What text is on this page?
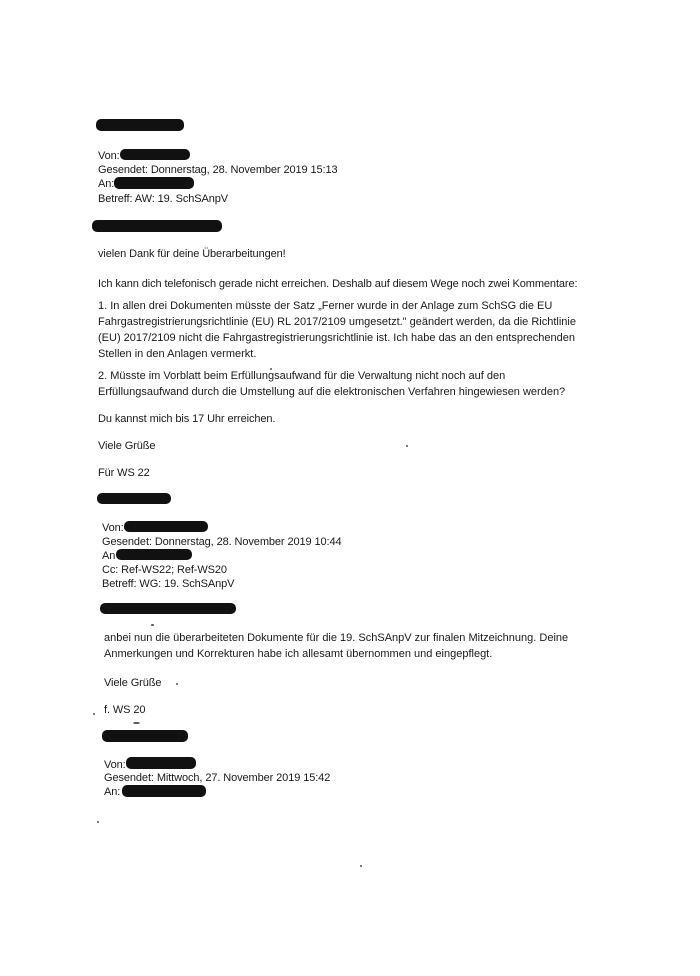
Von:
Gesendet: Donnerstag, 28. November 2019 15:13
An:
Betreff: AW: 19. SchSAnpV
vielen Dank für deine Überarbeitungen!
Ich kann dich telefonisch gerade nicht erreichen. Deshalb auf diesem Wege noch zwei Kommentare:
1. In allen drei Dokumenten müsste der Satz „Ferner wurde in der Anlage zum SchSG die EU Fahrgastregistrierungsrichtlinie (EU) RL 2017/2109 umgesetzt." geändert werden, da die Richtlinie (EU) 2017/2109 nicht die Fahrgastregistrierungsrichtlinie ist. Ich habe das an den entsprechenden Stellen in den Anlagen vermerkt.
2. Müsste im Vorblatt beim Erfüllungsaufwand für die Verwaltung nicht noch auf den Erfüllungsaufwand durch die Umstellung auf die elektronischen Verfahren hingewiesen werden?
Du kannst mich bis 17 Uhr erreichen.
Viele Grüße
Für WS 22
Von:
Gesendet: Donnerstag, 28. November 2019 10:44
An
Cc: Ref-WS22; Ref-WS20
Betreff: WG: 19. SchSAnpV
anbei nun die überarbeiteten Dokumente für die 19. SchSAnpV zur finalen Mitzeichnung. Deine Anmerkungen und Korrekturen habe ich allesamt übernommen und eingepflegt.
Viele Grüße
f. WS 20
Von:
Gesendet: Mittwoch, 27. November 2019 15:42
An:
